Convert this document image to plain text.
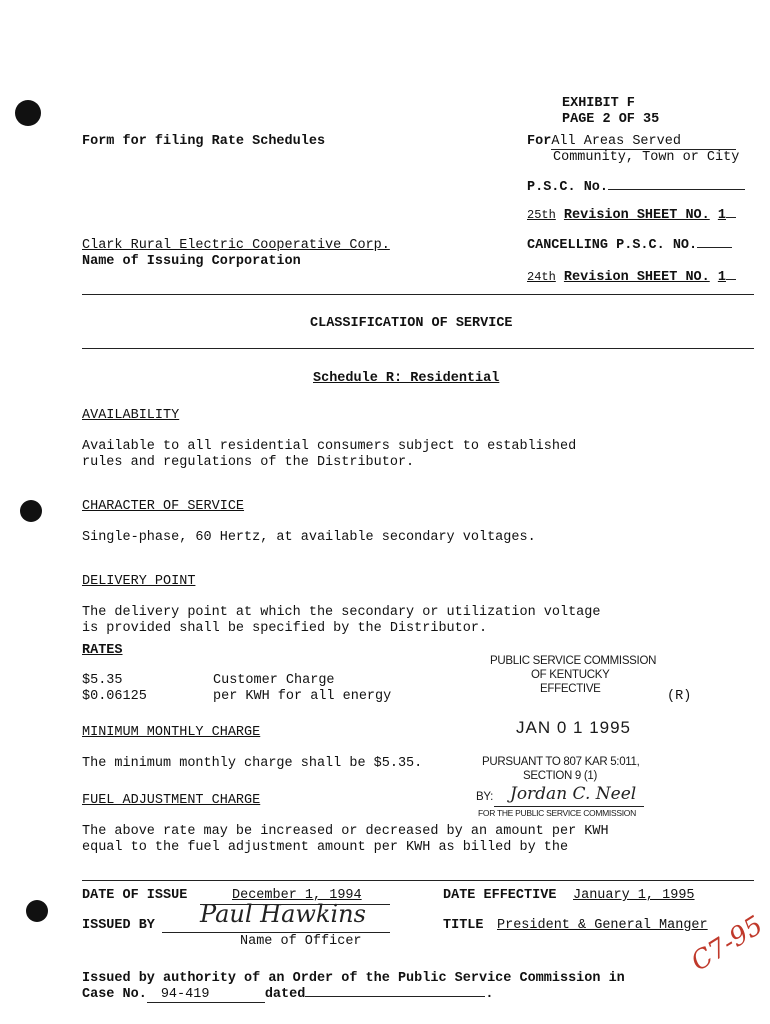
EXHIBIT F
PAGE 2 OF 35
Form for filing Rate Schedules	ForAll Areas Served
Community, Town or City
P.S.C. No.
25th Revision SHEET NO. 1
Clark Rural Electric Cooperative Corp.
Name of Issuing Corporation
CANCELLING P.S.C. NO.
24th Revision SHEET NO. 1
CLASSIFICATION OF SERVICE
Schedule R: Residential
AVAILABILITY
Available to all residential consumers subject to established
rules and regulations of the Distributor.
CHARACTER OF SERVICE
Single-phase, 60 Hertz, at available secondary voltages.
DELIVERY POINT
The delivery point at which the secondary or utilization voltage
is provided shall be specified by the Distributor.
RATES
$5.35	Customer Charge
$0.06125	per KWH for all energy	(R)
MINIMUM MONTHLY CHARGE
The minimum monthly charge shall be $5.35.
FUEL ADJUSTMENT CHARGE
The above rate may be increased or decreased by an amount per KWH
equal to the fuel adjustment amount per KWH as billed by the
PUBLIC SERVICE COMMISSION
OF KENTUCKY
EFFECTIVE
JAN 0 1 1995
PURSUANT TO 807 KAR 5:011,
SECTION 9 (1)
BY: Jordan C. Neel
FOR THE PUBLIC SERVICE COMMISSION
DATE OF ISSUE	December 1, 1994	DATE EFFECTIVE January 1, 1995
ISSUED BY Paul Hawkins
Name of Officer
TITLE President & General Manger
Issued by authority of an Order of the Public Service Commission in
Case No. 94-419	dated	.
C7-95
